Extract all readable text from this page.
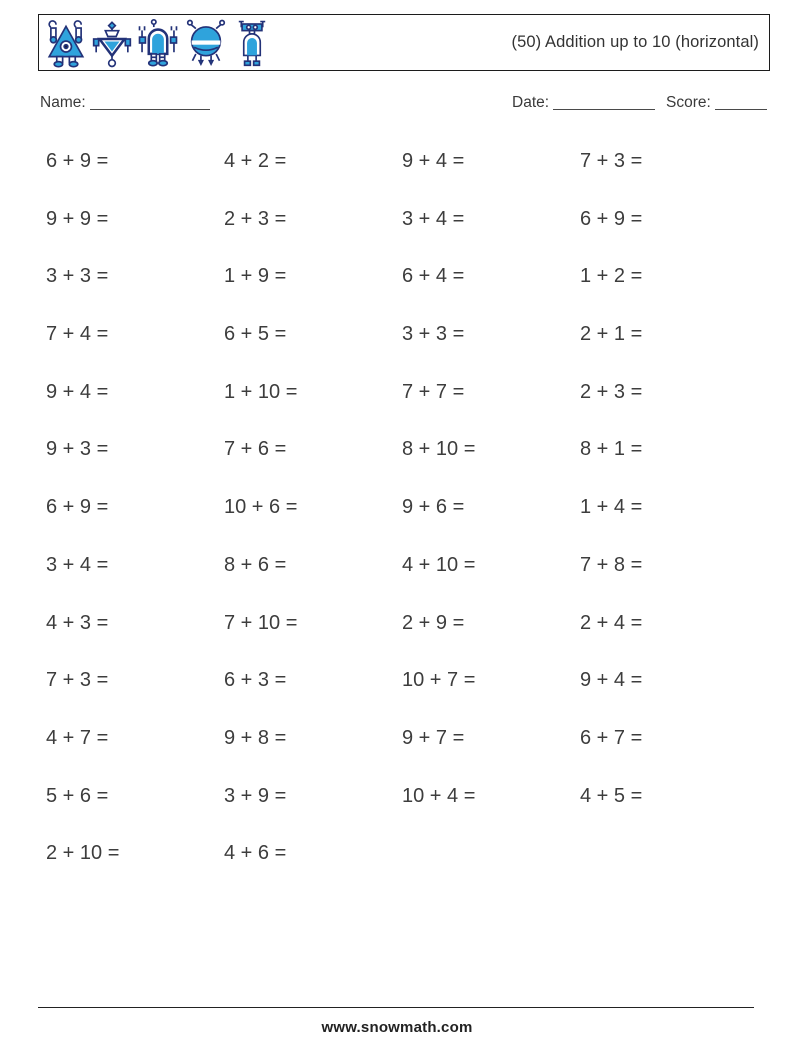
(50) Addition up to 10 (horizontal)
Name:	Date:	Score:
6 + 9 =	4 + 2 =	9 + 4 =	7 + 3 =
9 + 9 =	2 + 3 =	3 + 4 =	6 + 9 =
3 + 3 =	1 + 9 =	6 + 4 =	1 + 2 =
7 + 4 =	6 + 5 =	3 + 3 =	2 + 1 =
9 + 4 =	1 + 10 =	7 + 7 =	2 + 3 =
9 + 3 =	7 + 6 =	8 + 10 =	8 + 1 =
6 + 9 =	10 + 6 =	9 + 6 =	1 + 4 =
3 + 4 =	8 + 6 =	4 + 10 =	7 + 8 =
4 + 3 =	7 + 10 =	2 + 9 =	2 + 4 =
7 + 3 =	6 + 3 =	10 + 7 =	9 + 4 =
4 + 7 =	9 + 8 =	9 + 7 =	6 + 7 =
5 + 6 =	3 + 9 =	10 + 4 =	4 + 5 =
2 + 10 =	4 + 6 =
www.snowmath.com
